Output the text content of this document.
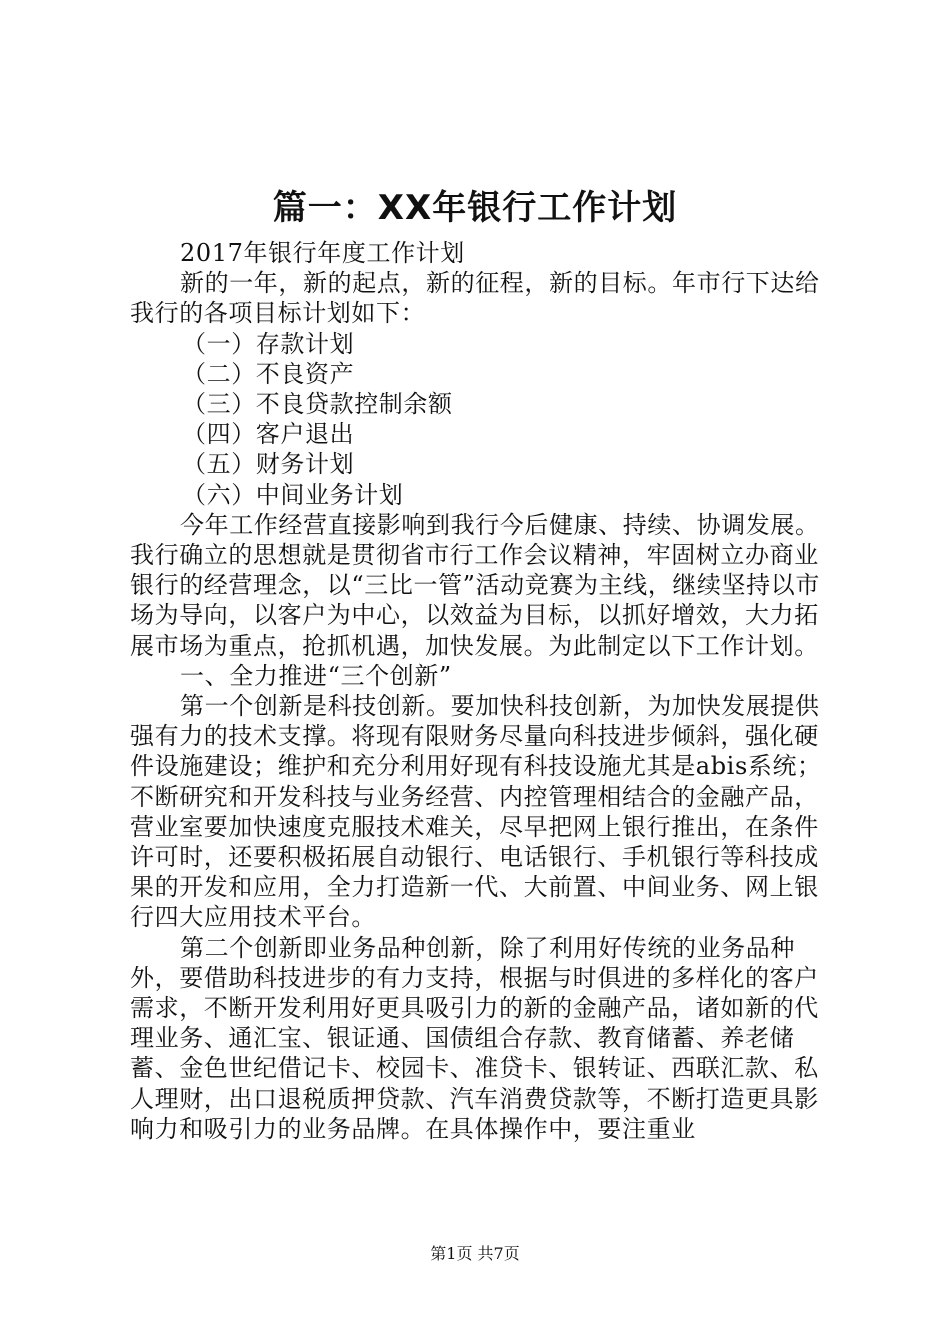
篇一：XX年银行工作计划

2017年银行年度工作计划

新的一年，新的起点，新的征程，新的目标。年市行下达给我行的各项目标计划如下：

（一）存款计划

（二）不良资产

（三）不良贷款控制余额

（四）客户退出

（五）财务计划

（六）中间业务计划

今年工作经营直接影响到我行今后健康、持续、协调发展。我行确立的思想就是贯彻省市行工作会议精神，牢固树立办商业银行的经营理念，以“三比一管”活动竞赛为主线，继续坚持以市场为导向，以客户为中心，以效益为目标，以抓好增效，大力拓展市场为重点，抢抓机遇，加快发展。为此制定以下工作计划。

一、全力推进“三个创新”

第一个创新是科技创新。要加快科技创新，为加快发展提供强有力的技术支撑。将现有限财务尽量向科技进步倾斜，强化硬件设施建设；维护和充分利用好现有科技设施尤其是abis系统；不断研究和开发科技与业务经营、内控管理相结合的金融产品，营业室要加快速度克服技术难关，尽早把网上银行推出，在条件许可时，还要积极拓展自动银行、电话银行、手机银行等科技成果的开发和应用，全力打造新一代、大前置、中间业务、网上银行四大应用技术平台。

第二个创新即业务品种创新，除了利用好传统的业务品种外，要借助科技进步的有力支持，根据与时俱进的多样化的客户需求，不断开发利用好更具吸引力的新的金融产品，诸如新的代理业务、通汇宝、银证通、国债组合存款、教育储蓄、养老储蓄、金色世纪借记卡、校园卡、准贷卡、银转证、西联汇款、私人理财，出口退税质押贷款、汽车消费贷款等，不断打造更具影响力和吸引力的业务品牌。在具体操作中，要注重业

第1页 共7页
